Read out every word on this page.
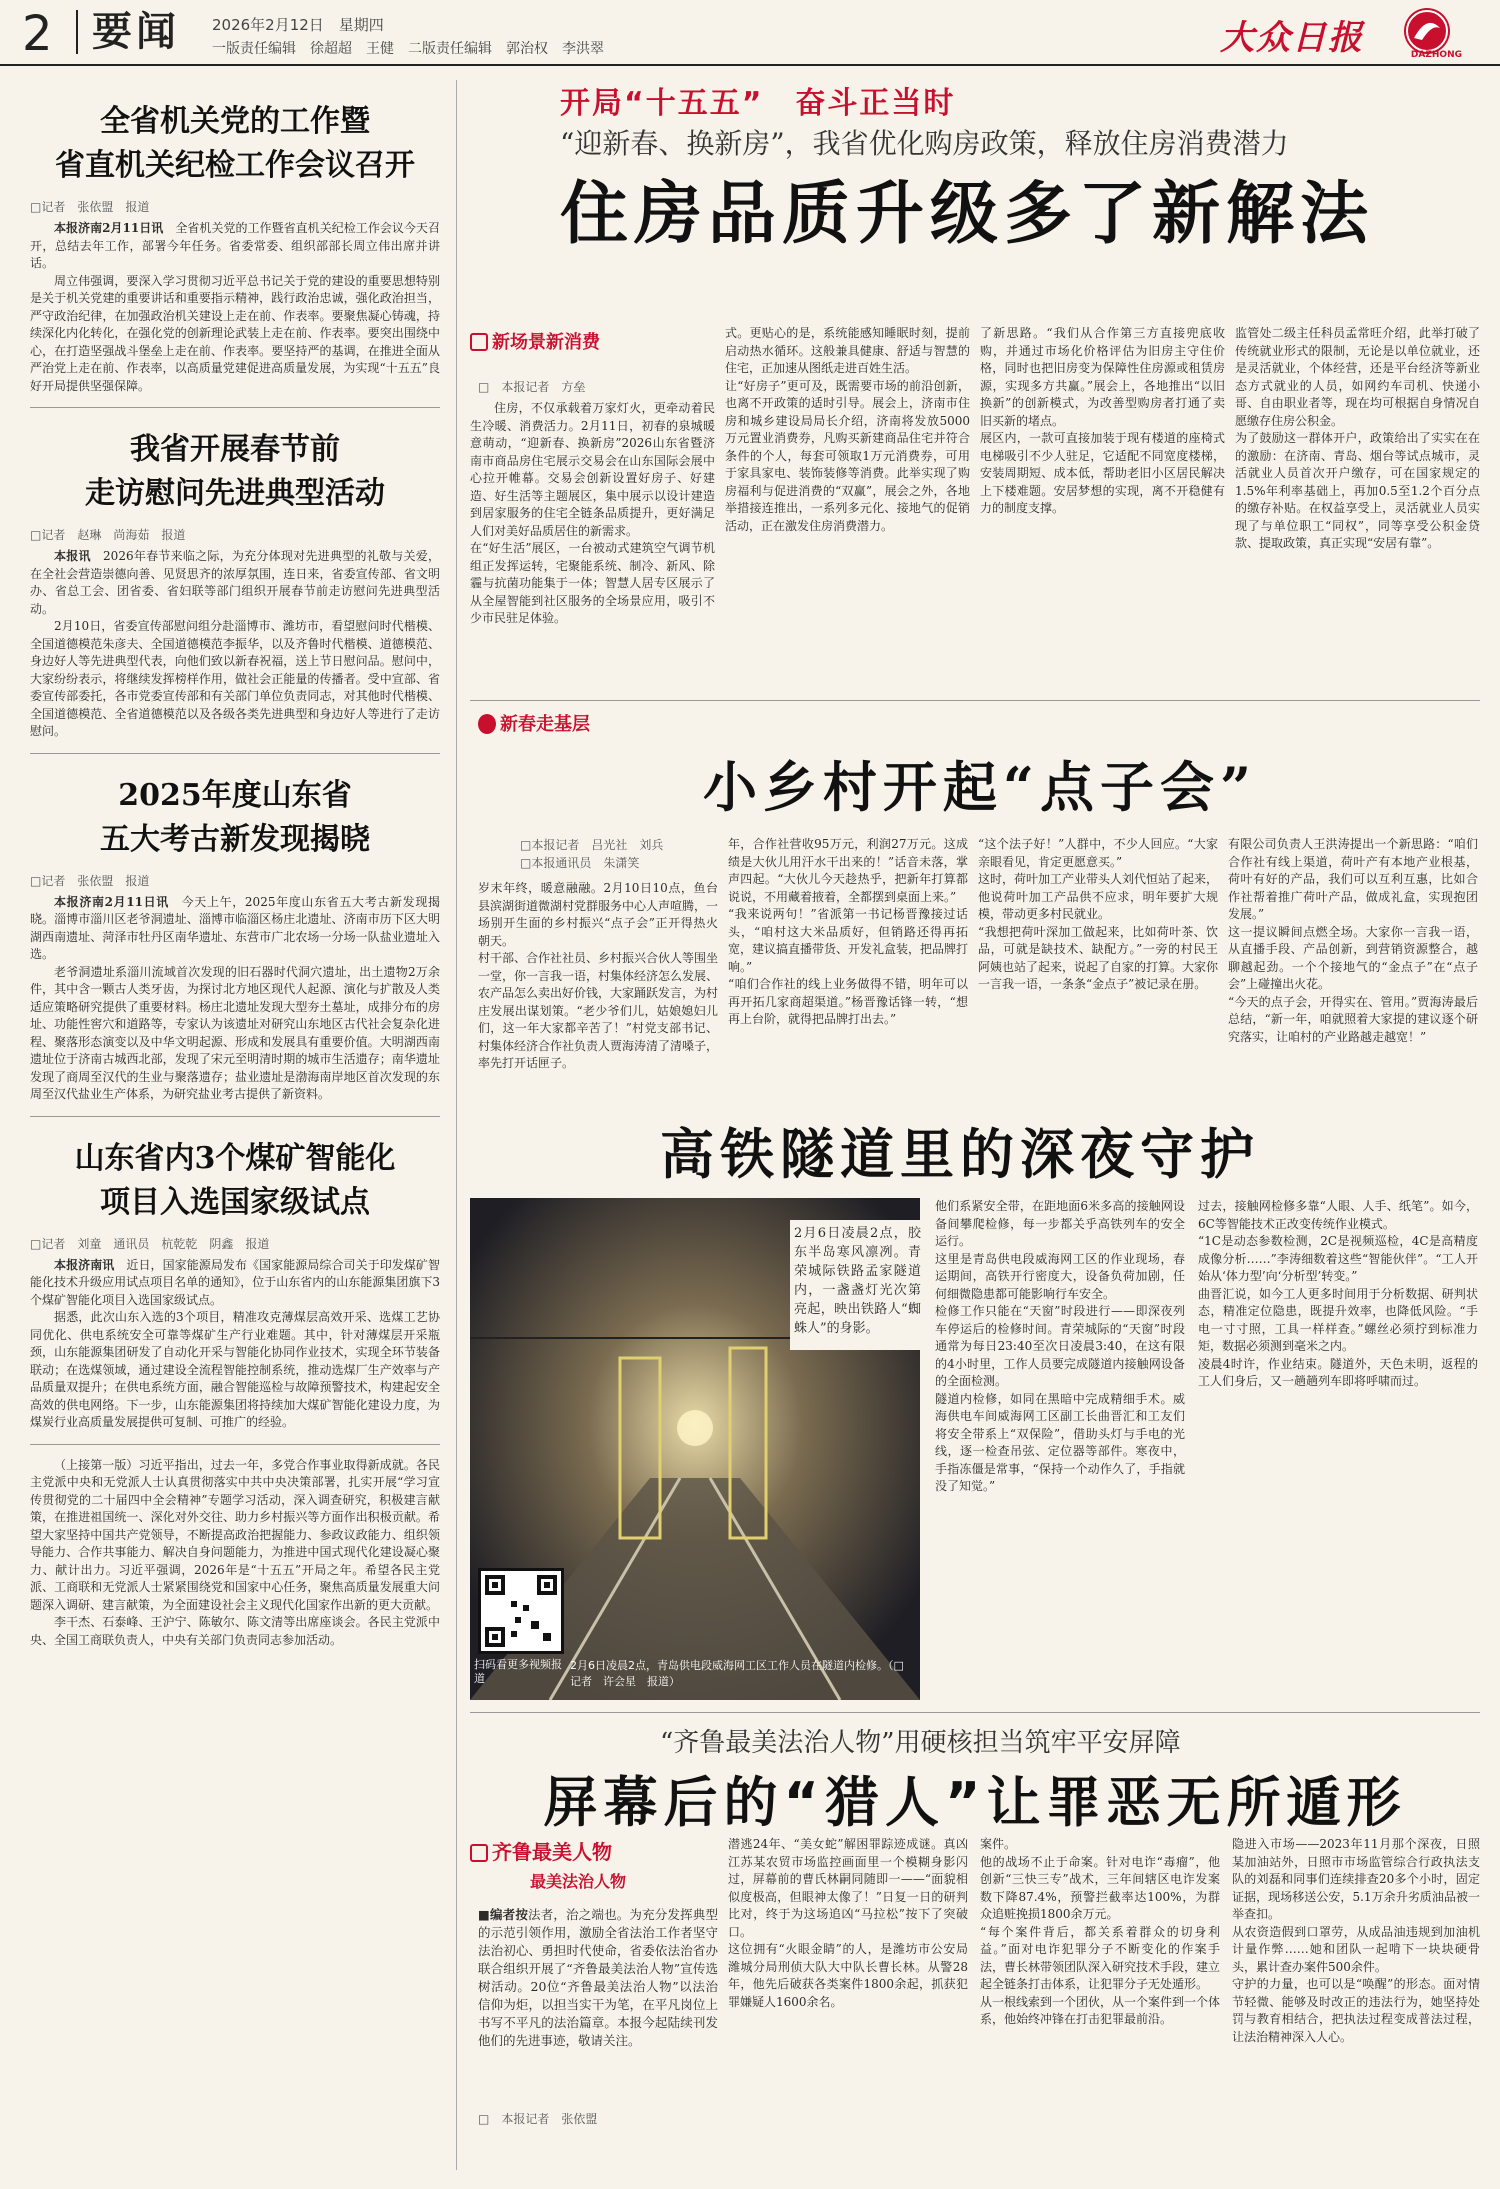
2 要闻 2026年2月12日　星期四
一版责任编辑　徐超超　王健　二版责任编辑　郭治权　李洪翠	大众日报	DAZHONG
全省机关党的工作暨
省直机关纪检工作会议召开
□记者　张依盟　报道

本报济南2月11日讯　 全省机关党的工作暨省直机关纪检工作会议今天召开，总结去年工作，部署今年任务。省委常委、组织部部长周立伟出席并讲话。

周立伟强调，要深入学习贯彻习近平总书记关于党的建设的重要思想特别是关于机关党建的重要讲话和重要指示精神，践行政治忠诚，强化政治担当，严守政治纪律，在加强政治机关建设上走在前、作表率。要聚焦凝心铸魂，持续深化内化转化，在强化党的创新理论武装上走在前、作表率。要突出围绕中心，在打造坚强战斗堡垒上走在前、作表率。要坚持严的基调，在推进全面从严治党上走在前、作表率，以高质量党建促进高质量发展，为实现“十五五”良好开局提供坚强保障。

我省开展春节前
走访慰问先进典型活动
□记者　赵琳　尚海茹　报道

本报讯　 2026年春节来临之际，为充分体现对先进典型的礼敬与关爱，在全社会营造崇德向善、见贤思齐的浓厚氛围，连日来，省委宣传部、省文明办、省总工会、团省委、省妇联等部门组织开展春节前走访慰问先进典型活动。

2月10日，省委宣传部慰问组分赴淄博市、潍坊市，看望慰问时代楷模、全国道德模范朱彦夫、全国道德模范李振华，以及齐鲁时代楷模、道德模范、身边好人等先进典型代表，向他们致以新春祝福，送上节日慰问品。慰问中，大家纷纷表示，将继续发挥榜样作用，做社会正能量的传播者。受中宣部、省委宣传部委托，各市党委宣传部和有关部门单位负责同志，对其他时代楷模、全国道德模范、全省道德模范以及各级各类先进典型和身边好人等进行了走访慰问。

2025年度山东省
五大考古新发现揭晓
□记者　张依盟　报道

本报济南2月11日讯　 今天上午，2025年度山东省五大考古新发现揭晓。淄博市淄川区老爷洞遗址、淄博市临淄区杨庄北遗址、济南市历下区大明湖西南遗址、菏泽市牡丹区南华遗址、东营市广北农场一分场一队盐业遗址入选。

老爷洞遗址系淄川流域首次发现的旧石器时代洞穴遗址，出土遗物2万余件，其中含一颗古人类牙齿，为探讨北方地区现代人起源、演化与扩散及人类适应策略研究提供了重要材料。杨庄北遗址发现大型夯土墓址，成排分布的房址、功能性窖穴和道路等，专家认为该遗址对研究山东地区古代社会复杂化进程、聚落形态演变以及中华文明起源、形成和发展具有重要价值。大明湖西南遗址位于济南古城西北部，发现了宋元至明清时期的城市生活遗存；南华遗址发现了商周至汉代的生业与聚落遗存；盐业遗址是渤海南岸地区首次发现的东周至汉代盐业生产体系，为研究盐业考古提供了新资料。

山东省内3个煤矿智能化
项目入选国家级试点
□记者　刘童　通讯员　杭乾乾　阴鑫　报道

本报济南讯　 近日，国家能源局发布《国家能源局综合司关于印发煤矿智能化技术升级应用试点项目名单的通知》，位于山东省内的山东能源集团旗下3个煤矿智能化项目入选国家级试点。

据悉，此次山东入选的3个项目，精准攻克薄煤层高效开采、选煤工艺协同优化、供电系统安全可靠等煤矿生产行业难题。其中，针对薄煤层开采瓶颈，山东能源集团研发了自动化开采与智能化协同作业技术，实现全环节装备联动；在选煤领域，通过建设全流程智能控制系统，推动选煤厂生产效率与产品质量双提升；在供电系统方面，融合智能巡检与故障预警技术，构建起安全高效的供电网络。下一步，山东能源集团将持续加大煤矿智能化建设力度，为煤炭行业高质量发展提供可复制、可推广的经验。

（上接第一版）习近平指出，过去一年，多党合作事业取得新成就。各民主党派中央和无党派人士认真贯彻落实中共中央决策部署，扎实开展“学习宣传贯彻党的二十届四中全会精神”专题学习活动，深入调查研究，积极建言献策，在推进祖国统一、深化对外交往、助力乡村振兴等方面作出积极贡献。希望大家坚持中国共产党领导，不断提高政治把握能力、参政议政能力、组织领导能力、合作共事能力、解决自身问题能力，为推进中国式现代化建设凝心聚力、献计出力。习近平强调，2026年是“十五五”开局之年。希望各民主党派、工商联和无党派人士紧紧围绕党和国家中心任务，聚焦高质量发展重大问题深入调研、建言献策，为全面建设社会主义现代化国家作出新的更大贡献。

李干杰、石泰峰、王沪宁、陈敏尔、陈文清等出席座谈会。各民主党派中央、全国工商联负责人，中央有关部门负责同志参加活动。

开局“十五五”　奋斗正当时
“迎新春、换新房”，我省优化购房政策，释放住房消费潜力
住房品质升级多了新解法
新场景新消费
□　本报记者　方垒
住房，不仅承载着万家灯火，更牵动着民生冷暖、消费活力。2月11日，初春的泉城暖意萌动，“迎新春、换新房”2026山东省暨济南市商品房住宅展示交易会在山东国际会展中心拉开帷幕。交易会创新设置好房子、好建造、好生活等主题展区，集中展示以设计建造到居家服务的住宅全链条品质提升，更好满足人们对美好品质居住的新需求。
在“好生活”展区，一台被动式建筑空气调节机组正发挥运转，宅聚能系统、制冷、新风、除霾与抗菌功能集于一体；智慧人居专区展示了从全屋智能到社区服务的全场景应用，吸引不少市民驻足体验。
式。更贴心的是，系统能感知睡眠时刻，提前启动热水循环。这般兼具健康、舒适与智慧的住宅，正加速从图纸走进百姓生活。
让“好房子”更可及，既需要市场的前沿创新，也离不开政策的适时引导。展会上，济南市住房和城乡建设局局长介绍，济南将发放5000万元置业消费券，凡购买新建商品住宅并符合条件的个人，每套可领取1万元消费券，可用于家具家电、装饰装修等消费。此举实现了购房福利与促进消费的“双赢”，展会之外，各地举措接连推出，一系列多元化、接地气的促销活动，正在激发住房消费潜力。
了新思路。“我们从合作第三方直接兜底收购，并通过市场化价格评估为旧房主守住价格，同时也把旧房变为保障性住房源或租赁房源，实现多方共赢。”展会上，各地推出“以旧换新”的创新模式，为改善型购房者打通了卖旧买新的堵点。
展区内，一款可直接加装于现有楼道的座椅式电梯吸引不少人驻足，它适配不同宽度楼梯，安装周期短、成本低，帮助老旧小区居民解决上下楼难题。安居梦想的实现，离不开稳健有力的制度支撑。
监管处二级主任科员孟常旺介绍，此举打破了传统就业形式的限制，无论是以单位就业，还是灵活就业，个体经营，还是平台经济等新业态方式就业的人员，如网约车司机、快递小哥、自由职业者等，现在均可根据自身情况自愿缴存住房公积金。
为了鼓励这一群体开户，政策给出了实实在在的激励：在济南、青岛、烟台等试点城市，灵活就业人员首次开户缴存，可在国家规定的1.5%年利率基础上，再加0.5至1.2个百分点的缴存补贴。在权益享受上，灵活就业人员实现了与单位职工“同权”，同等享受公积金贷款、提取政策，真正实现“安居有靠”。
新春走基层
小乡村开起“点子会”
□本报记者　吕光社　刘兵
□本报通讯员　朱潇笑
岁末年终，暖意融融。2月10日10点，鱼台县滨湖街道微湖村党群服务中心人声喧腾，一场别开生面的乡村振兴“点子会”正开得热火朝天。
村干部、合作社社员、乡村振兴合伙人等围坐一堂，你一言我一语，村集体经济怎么发展、农产品怎么卖出好价钱，大家踊跃发言，为村庄发展出谋划策。“老少爷们儿，姑娘媳妇儿们，这一年大家都辛苦了！”村党支部书记、村集体经济合作社负责人贾海涛清了清嗓子，率先打开话匣子。
年，合作社营收95万元，利润27万元。这成绩是大伙儿用汗水干出来的！”话音未落，掌声四起。“大伙儿今天趁热乎，把新年打算都说说，不用藏着掖着，全都摆到桌面上来。”
“我来说两句！”省派第一书记杨晋豫接过话头，“咱村这大米品质好，但销路还得再拓宽，建议搞直播带货、开发礼盒装，把品牌打响。”
“咱们合作社的线上业务做得不错，明年可以再开拓几家商超渠道。”杨晋豫话锋一转，“想再上台阶，就得把品牌打出去。”
“这个法子好！”人群中，不少人回应。“大家亲眼看见，肯定更愿意买。”
这时，荷叶加工产业带头人刘代恒站了起来，他说荷叶加工产品供不应求，明年要扩大规模，带动更多村民就业。
“我想把荷叶深加工做起来，比如荷叶茶、饮品，可就是缺技术、缺配方。”一旁的村民王阿姨也站了起来，说起了自家的打算。大家你一言我一语，一条条“金点子”被记录在册。
有限公司负责人王洪涛提出一个新思路：“咱们合作社有线上渠道，荷叶产有本地产业根基，荷叶有好的产品，我们可以互利互惠，比如合作社帮着推广荷叶产品，做成礼盒，实现抱团发展。”
这一提议瞬间点燃全场。大家你一言我一语，从直播手段、产品创新，到营销资源整合，越聊越起劲。一个个接地气的“金点子”在“点子会”上碰撞出火花。
“今天的点子会，开得实在、管用。”贾海涛最后总结，“新一年，咱就照着大家提的建议逐个研究落实，让咱村的产业路越走越宽！”
高铁隧道里的深夜守护
扫码看更多视频报道
2月6日凌晨2点，青岛供电段威海网工区工作人员在隧道内检修。（□记者　许会星　报道）
2月6日凌晨2点，胶东半岛寒风凛冽。青荣城际铁路孟家隧道内，一盏盏灯光次第亮起，映出铁路人“蜘蛛人”的身影。
他们系紧安全带，在距地面6米多高的接触网设备间攀爬检修，每一步都关乎高铁列车的安全运行。
这里是青岛供电段威海网工区的作业现场，春运期间，高铁开行密度大，设备负荷加剧，任何细微隐患都可能影响行车安全。
检修工作只能在“天窗”时段进行——即深夜列车停运后的检修时间。青荣城际的“天窗”时段通常为每日23:40至次日凌晨3:40，在这有限的4小时里，工作人员要完成隧道内接触网设备的全面检测。
隧道内检修，如同在黑暗中完成精细手术。威海供电车间威海网工区副工长曲晋汇和工友们将安全带系上“双保险”，借助头灯与手电的光线，逐一检查吊弦、定位器等部件。寒夜中，手指冻僵是常事，“保持一个动作久了，手指就没了知觉。”
过去，接触网检修多靠“人眼、人手、纸笔”。如今，6C等智能技术正改变传统作业模式。
“1C是动态参数检测，2C是视频巡检，4C是高精度成像分析……”李涛细数着这些“智能伙伴”。“工人开始从‘体力型’向‘分析型’转变。”
曲晋汇说，如今工人更多时间用于分析数据、研判状态，精准定位隐患，既提升效率，也降低风险。“手电一寸寸照，工具一样样查。”螺丝必须拧到标准力矩，数据必须测到毫米之内。
凌晨4时许，作业结束。隧道外，天色未明，返程的工人们身后，又一趟趟列车即将呼啸而过。
“齐鲁最美法治人物”用硬核担当筑牢平安屏障
屏幕后的“猎人”让罪恶无所遁形
齐鲁最美人物
最美法治人物
■编者按法者，治之端也。为充分发挥典型的示范引领作用，激励全省法治工作者坚守法治初心、勇担时代使命，省委依法治省办联合组织开展了“齐鲁最美法治人物”宣传选树活动。20位“齐鲁最美法治人物”以法治信仰为炬，以担当实干为笔，在平凡岗位上书写不平凡的法治篇章。本报今起陆续刊发他们的先进事迹，敬请关注。
□　本报记者　张依盟
潜逃24年、“美女蛇”解困罪踪迹成谜。真凶江苏某农贸市场监控画面里一个模糊身影闪过，屏幕前的曹氏林嗣同随即一——“面貌相似度极高，但眼神太像了！”日复一日的研判比对，终于为这场追凶“马拉松”按下了突破口。
这位拥有“火眼金睛”的人，是潍坊市公安局潍城分局刑侦大队大中队长曹长林。从警28年，他先后破获各类案件1800余起，抓获犯罪嫌疑人1600余名。
案件。
他的战场不止于命案。针对电诈“毒瘤”，他创新“三快三专”战术，三年间辖区电诈发案数下降87.4%，预警拦截率达100%，为群众追赃挽损1800余万元。
“每个案件背后，都关系着群众的切身利益。”面对电诈犯罪分子不断变化的作案手法，曹长林带领团队深入研究技术手段，建立起全链条打击体系，让犯罪分子无处遁形。
从一根线索到一个团伙，从一个案件到一个体系，他始终冲锋在打击犯罪最前沿。
隐进入市场——2023年11月那个深夜，日照某加油站外，日照市市场监管综合行政执法支队的刘磊和同事们连续排查20多个小时，固定证据，现场移送公安，5.1万余升劣质油品被一举查扣。
从农资造假到口罩劳，从成品油违规到加油机计量作弊……她和团队一起啃下一块块硬骨头，累计查办案件500余件。
守护的力量，也可以是“唤醒”的形态。面对情节轻微、能够及时改正的违法行为，她坚持处罚与教育相结合，把执法过程变成普法过程，让法治精神深入人心。
